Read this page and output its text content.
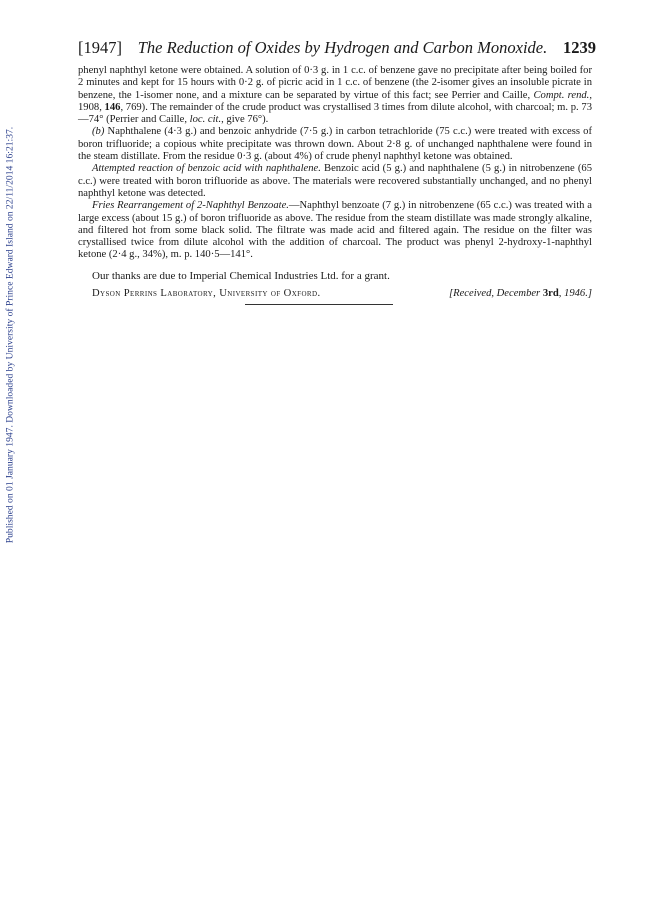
Published on 01 January 1947. Downloaded by University of Prince Edward Island on 22/11/2014 16:21:37.
[1947] The Reduction of Oxides by Hydrogen and Carbon Monoxide. 1239

phenyl naphthyl ketone were obtained. A solution of 0·3 g. in 1 c.c. of benzene gave no precipitate after being boiled for 2 minutes and kept for 15 hours with 0·2 g. of picric acid in 1 c.c. of benzene (the 2-isomer gives an insoluble picrate in benzene, the 1-isomer none, and a mixture can be separated by virtue of this fact; see Perrier and Caille, Compt. rend., 1908, 146, 769). The remainder of the crude product was crystallised 3 times from dilute alcohol, with charcoal; m. p. 73—74° (Perrier and Caille, loc. cit., give 76°).

(b) Naphthalene (4·3 g.) and benzoic anhydride (7·5 g.) in carbon tetrachloride (75 c.c.) were treated with excess of boron trifluoride; a copious white precipitate was thrown down. About 2·8 g. of unchanged naphthalene were found in the steam distillate. From the residue 0·3 g. (about 4%) of crude phenyl naphthyl ketone was obtained.

Attempted reaction of benzoic acid with naphthalene. Benzoic acid (5 g.) and naphthalene (5 g.) in nitrobenzene (65 c.c.) were treated with boron trifluoride as above. The materials were recovered substantially unchanged, and no phenyl naphthyl ketone was detected.

Fries Rearrangement of 2-Naphthyl Benzoate.—Naphthyl benzoate (7 g.) in nitrobenzene (65 c.c.) was treated with a large excess (about 15 g.) of boron trifluoride as above. The residue from the steam distillate was made strongly alkaline, and filtered hot from some black solid. The filtrate was made acid and filtered again. The residue on the filter was crystallised twice from dilute alcohol with the addition of charcoal. The product was phenyl 2-hydroxy-1-naphthyl ketone (2·4 g., 34%), m. p. 140·5—141°.

Our thanks are due to Imperial Chemical Industries Ltd. for a grant.

Dyson Perrins Laboratory, University of Oxford.	[Received, December 3rd, 1946.]
